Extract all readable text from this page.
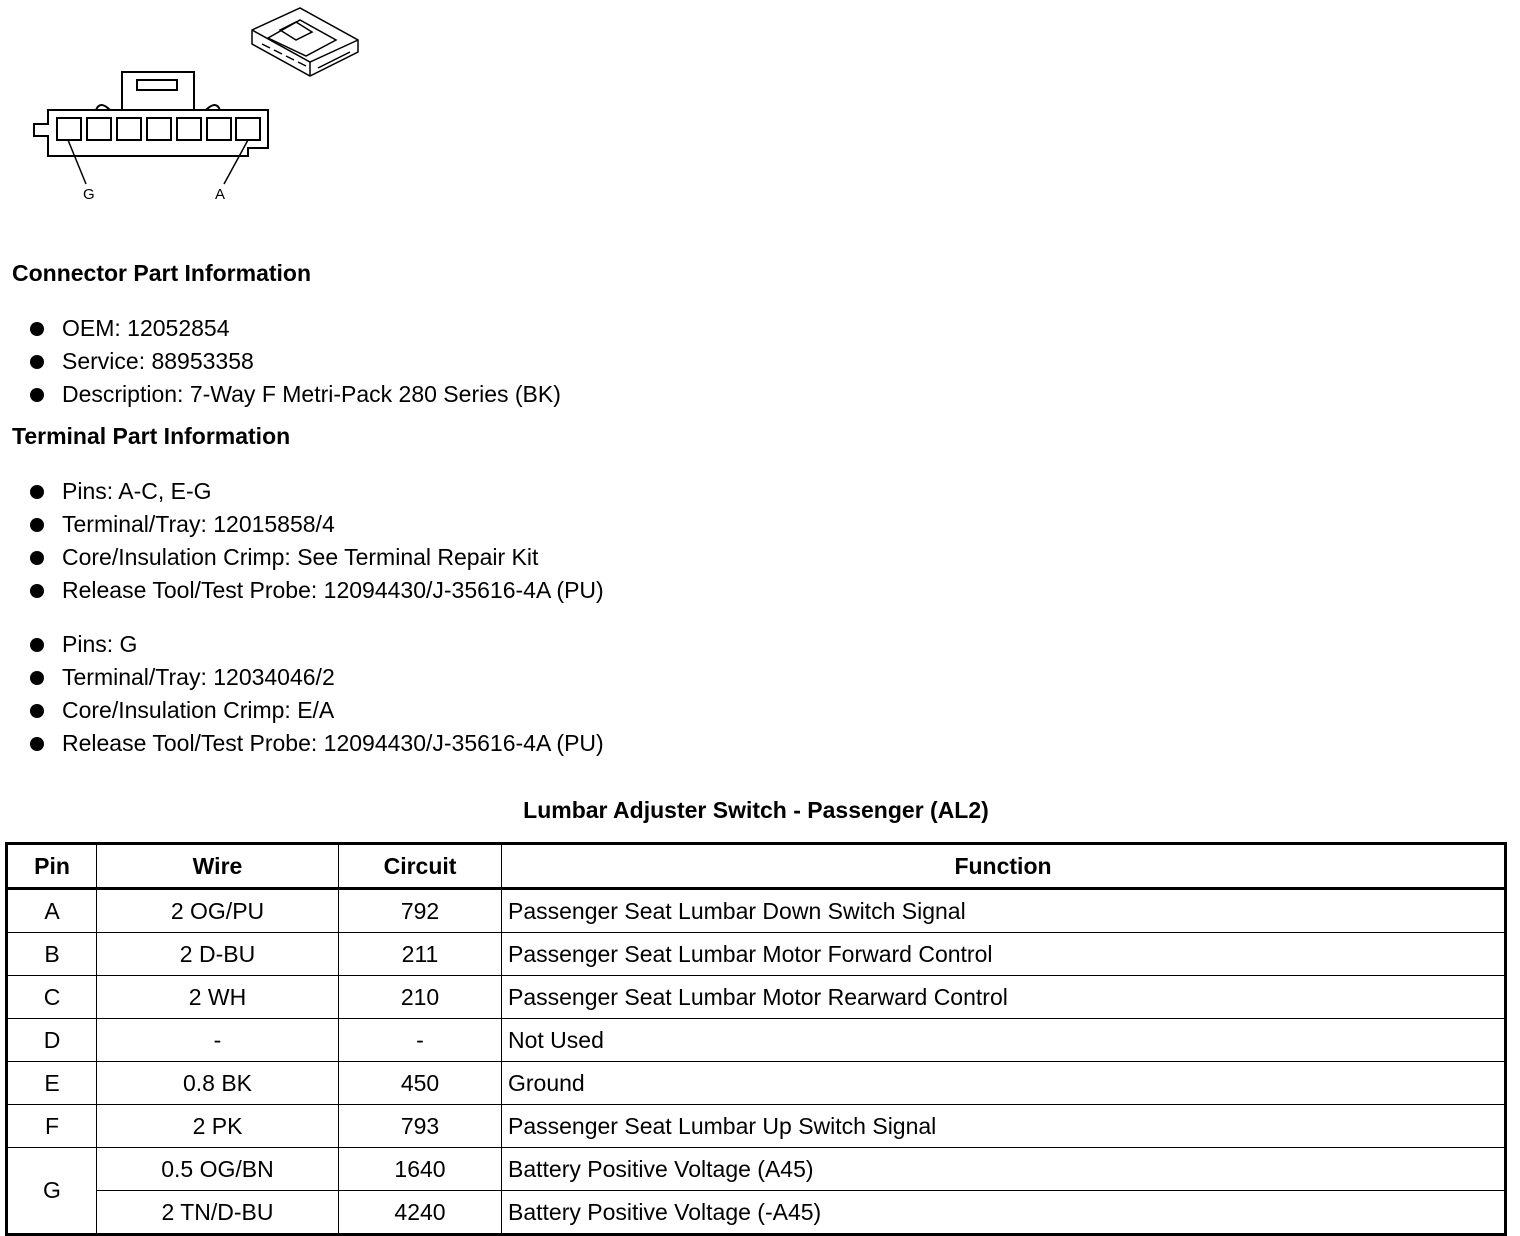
G	A
Connector Part Information
OEM: 12052854
Service: 88953358
Description: 7-Way F Metri-Pack 280 Series (BK)
Terminal Part Information
Pins: A-C, E-G
Terminal/Tray: 12015858/4
Core/Insulation Crimp: See Terminal Repair Kit
Release Tool/Test Probe: 12094430/J-35616-4A (PU)
Pins: G
Terminal/Tray: 12034046/2
Core/Insulation Crimp: E/A
Release Tool/Test Probe: 12094430/J-35616-4A (PU)
Lumbar Adjuster Switch - Passenger (AL2)
Pin	Wire	Circuit	Function
A	2 OG/PU	792	Passenger Seat Lumbar Down Switch Signal
B	2 D-BU	211	Passenger Seat Lumbar Motor Forward Control
C	2 WH	210	Passenger Seat Lumbar Motor Rearward Control
D	-	-	Not Used
E	0.8 BK	450	Ground
F	2 PK	793	Passenger Seat Lumbar Up Switch Signal
G	0.5 OG/BN	1640	Battery Positive Voltage (A45)
	2 TN/D-BU	4240	Battery Positive Voltage (-A45)
